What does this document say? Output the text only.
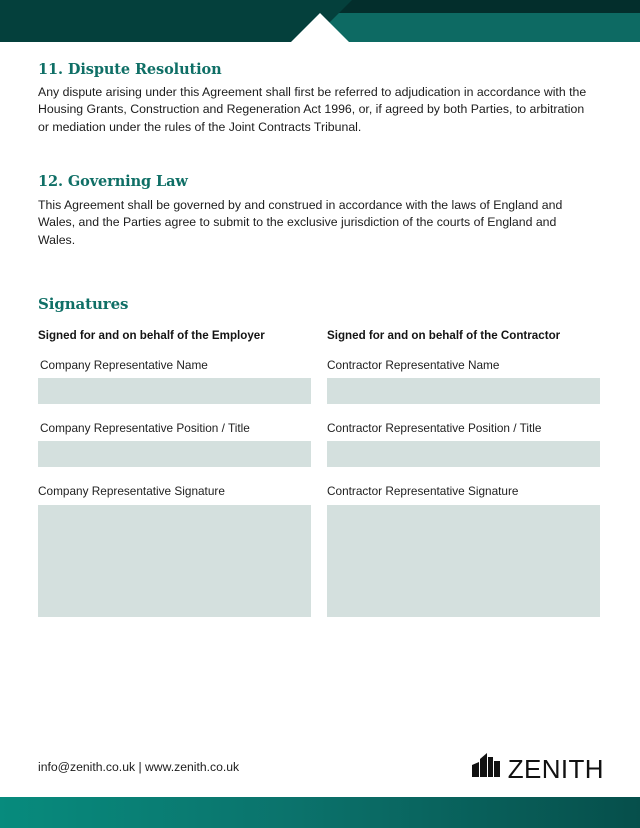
11. Dispute Resolution

Any dispute arising under this Agreement shall first be referred to adjudication in accordance with the Housing Grants, Construction and Regeneration Act 1996, or, if agreed by both Parties, to arbitration or mediation under the rules of the Joint Contracts Tribunal.

12. Governing Law

This Agreement shall be governed by and construed in accordance with the laws of England and Wales, and the Parties agree to submit to the exclusive jurisdiction of the courts of England and Wales.

Signatures
Signed for and on behalf of the Employer
Company Representative Name
Company Representative Position / Title
Company Representative Signature
Signed for and on behalf of the Contractor
Contractor Representative Name
Contractor Representative Position / Title
Contractor Representative Signature
info@zenith.co.uk | www.zenith.co.uk	ZENITH
